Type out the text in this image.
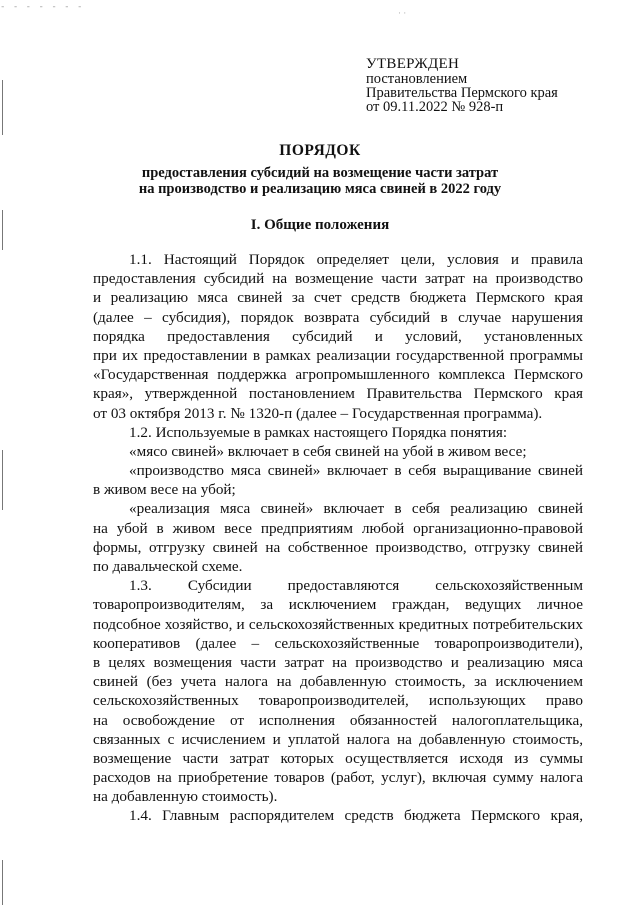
- - - - - - -
· ·
УТВЕРЖДЕН
постановлением
Правительства Пермского края
от 09.11.2022 № 928-п
ПОРЯДОК
предоставления субсидий на возмещение части затрат
на производство и реализацию мяса свиней в 2022 году
I. Общие положения
1.1. Настоящий Порядок определяет цели, условия и правила
предоставления субсидий на возмещение части затрат на производство
и реализацию мяса свиней за счет средств бюджета Пермского края
(далее – субсидия), порядок возврата субсидий в случае нарушения
порядка предоставления субсидий и условий, установленных
при их предоставлении в рамках реализации государственной программы
«Государственная поддержка агропромышленного комплекса Пермского
края», утвержденной постановлением Правительства Пермского края
от 03 октября 2013 г. № 1320-п (далее – Государственная программа).
1.2. Используемые в рамках настоящего Порядка понятия:
«мясо свиней» включает в себя свиней на убой в живом весе;
«производство мяса свиней» включает в себя выращивание свиней
в живом весе на убой;
«реализация мяса свиней» включает в себя реализацию свиней
на убой в живом весе предприятиям любой организационно-правовой
формы, отгрузку свиней на собственное производство, отгрузку свиней
по давальческой схеме.
1.3. Субсидии предоставляются сельскохозяйственным
товаропроизводителям, за исключением граждан, ведущих личное
подсобное хозяйство, и сельскохозяйственных кредитных потребительских
кооперативов (далее – сельскохозяйственные товаропроизводители),
в целях возмещения части затрат на производство и реализацию мяса
свиней (без учета налога на добавленную стоимость, за исключением
сельскохозяйственных товаропроизводителей, использующих право
на освобождение от исполнения обязанностей налогоплательщика,
связанных с исчислением и уплатой налога на добавленную стоимость,
возмещение части затрат которых осуществляется исходя из суммы
расходов на приобретение товаров (работ, услуг), включая сумму налога
на добавленную стоимость).
1.4. Главным распорядителем средств бюджета Пермского края,
